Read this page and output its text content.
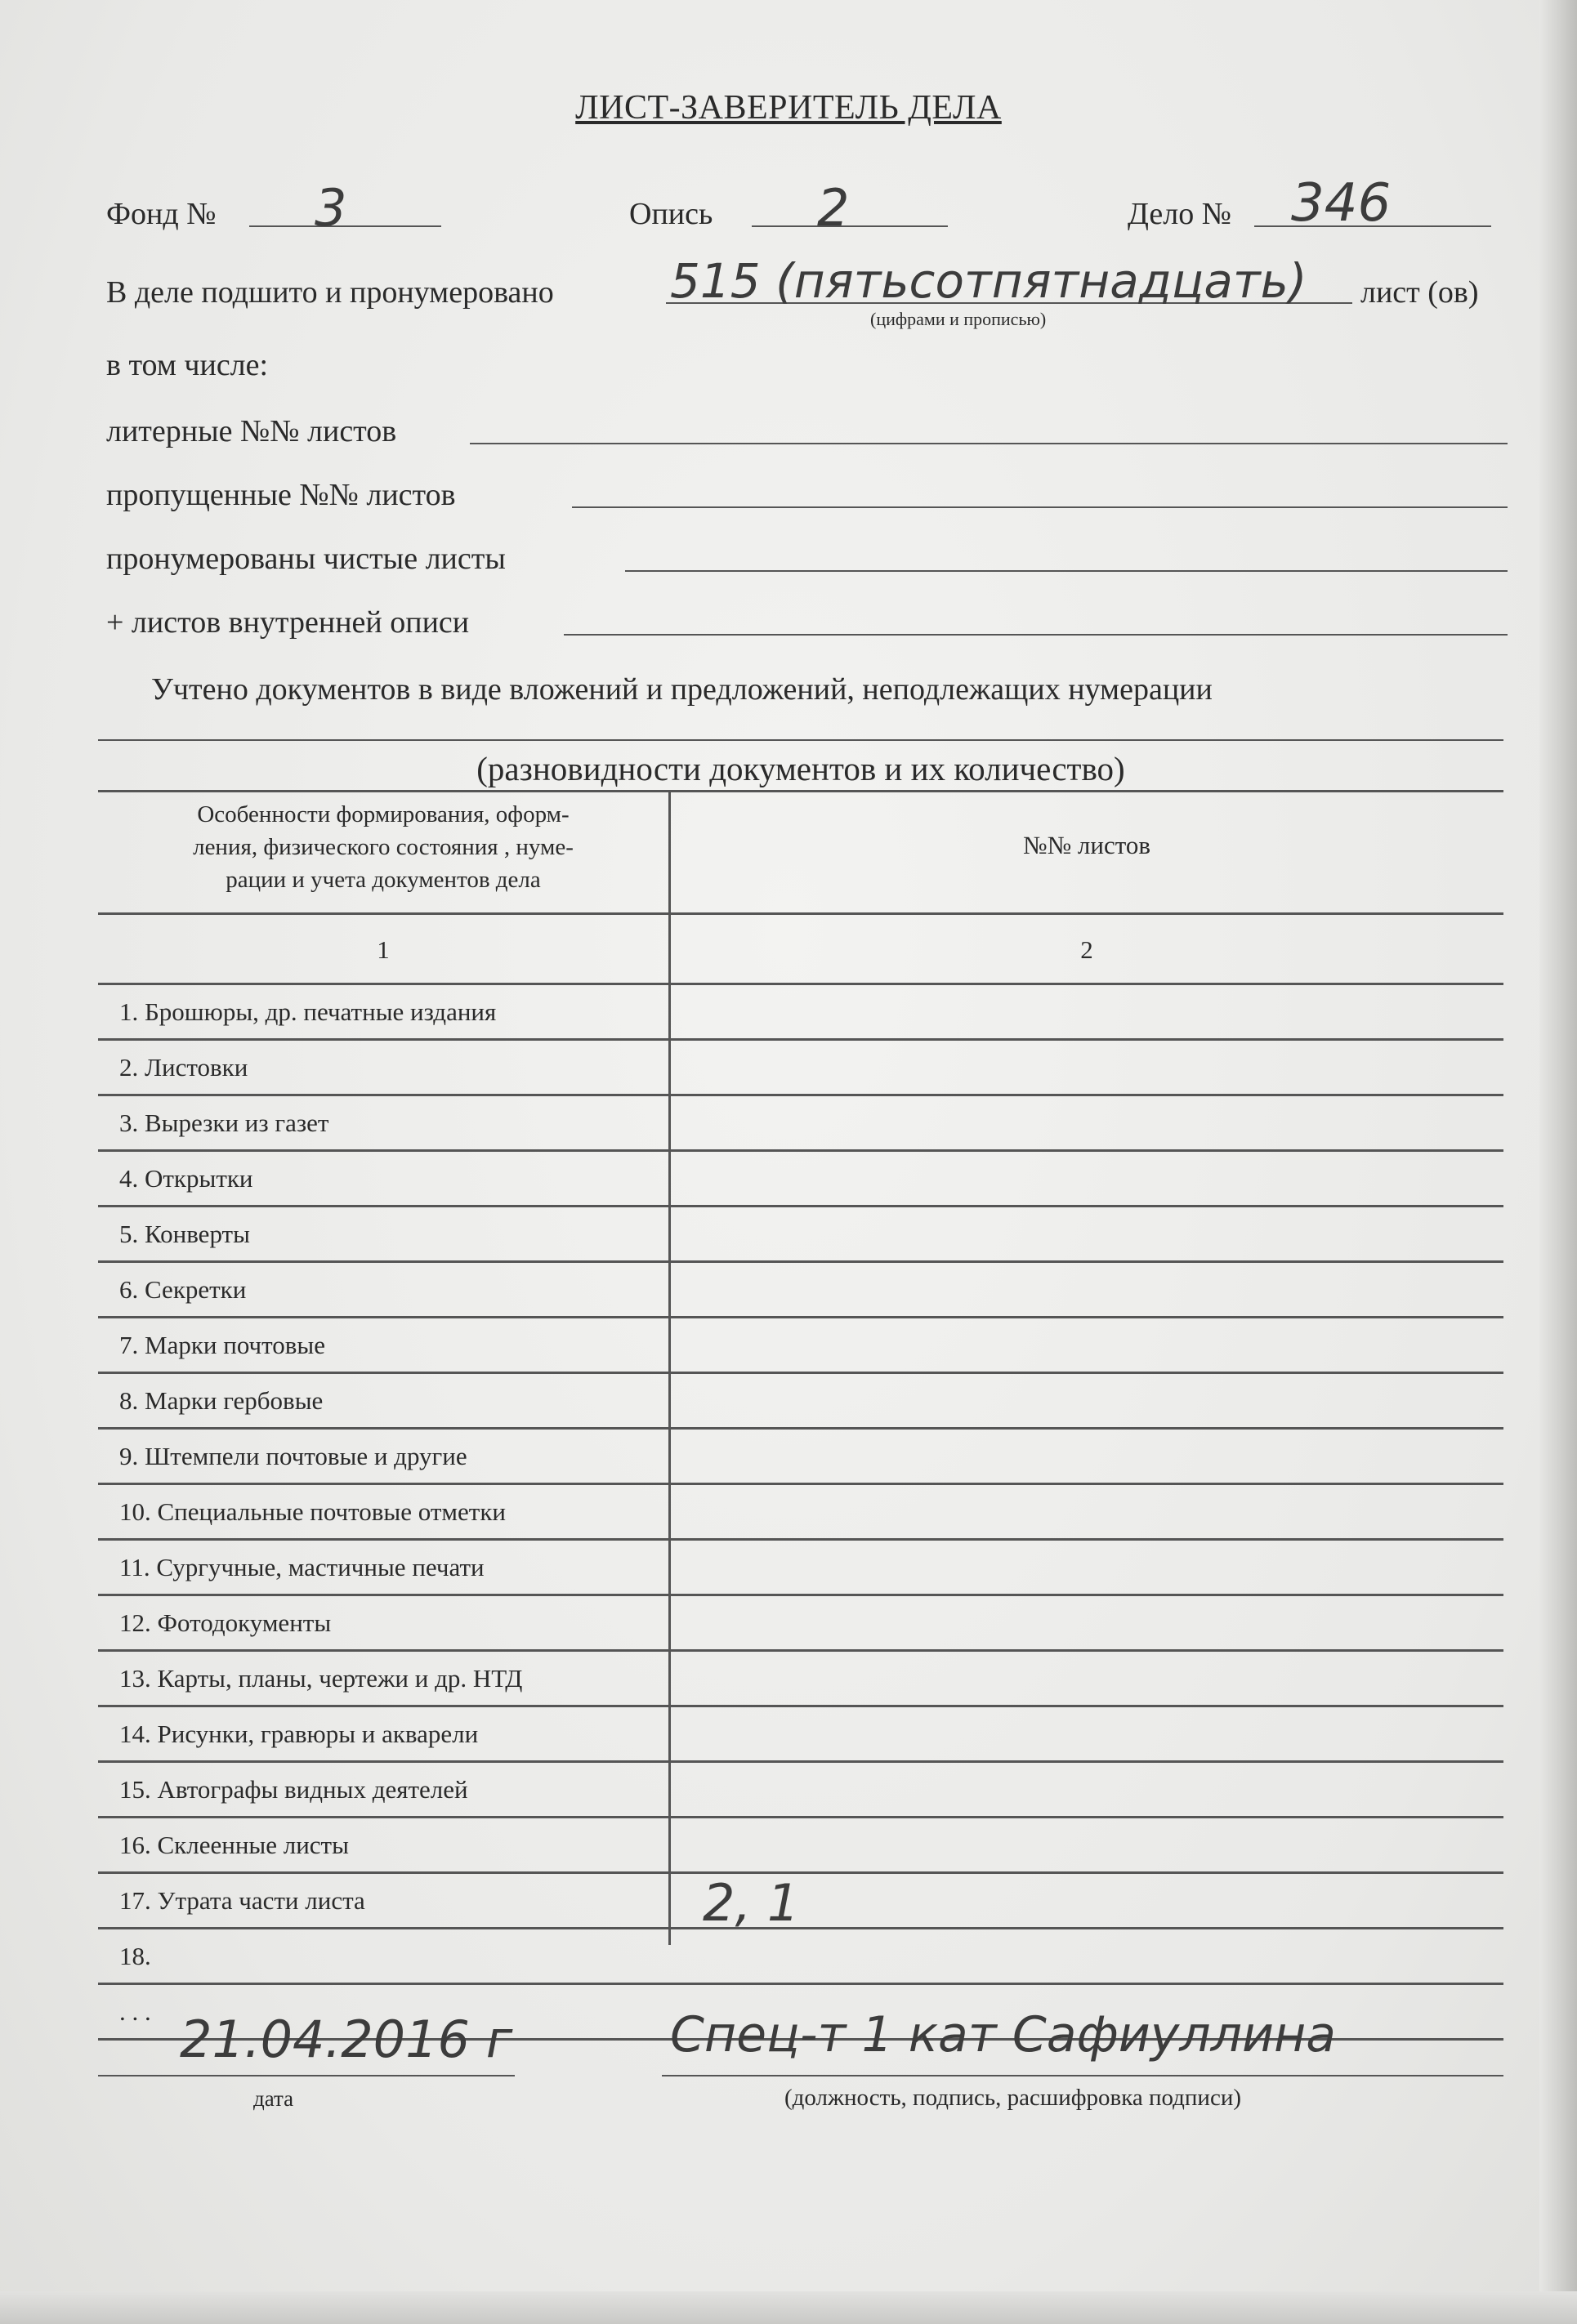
ЛИСТ-ЗАВЕРИТЕЛЬ ДЕЛА
Фонд № 3	Опись 2	Дело № 346
В деле подшито и пронумеровано 515 (пятьсотпятнадцать) лист (ов)
(цифрами и прописью)
в том числе:
литерные №№ листов
пропущенные №№ листов
пронумерованы чистые листы
+ листов внутренней описи
Учтено документов в виде вложений и предложений, неподлежащих нумерации
(разновидности документов и их количество)
Особенности формирования, оформ-
ления, физического состояния , нуме-
рации и учета документов дела
№№ листов
1	2
1. Брошюры, др. печатные издания
2. Листовки
3. Вырезки из газет
4. Открытки
5. Конверты
6. Секретки
7. Марки почтовые
8. Марки гербовые
9. Штемпели почтовые и другие
10. Специальные почтовые отметки
11. Сургучные, мастичные печати
12. Фотодокументы
13. Карты, планы, чертежи и др. НТД
14. Рисунки, гравюры и акварели
15. Автографы видных деятелей
16. Склеенные листы
17. Утрата части листа	2, 1
18.
. . . 21.04.2016 г
дата
Спец-т 1 кат Сафиуллина
(должность, подпись, расшифровка подписи)
